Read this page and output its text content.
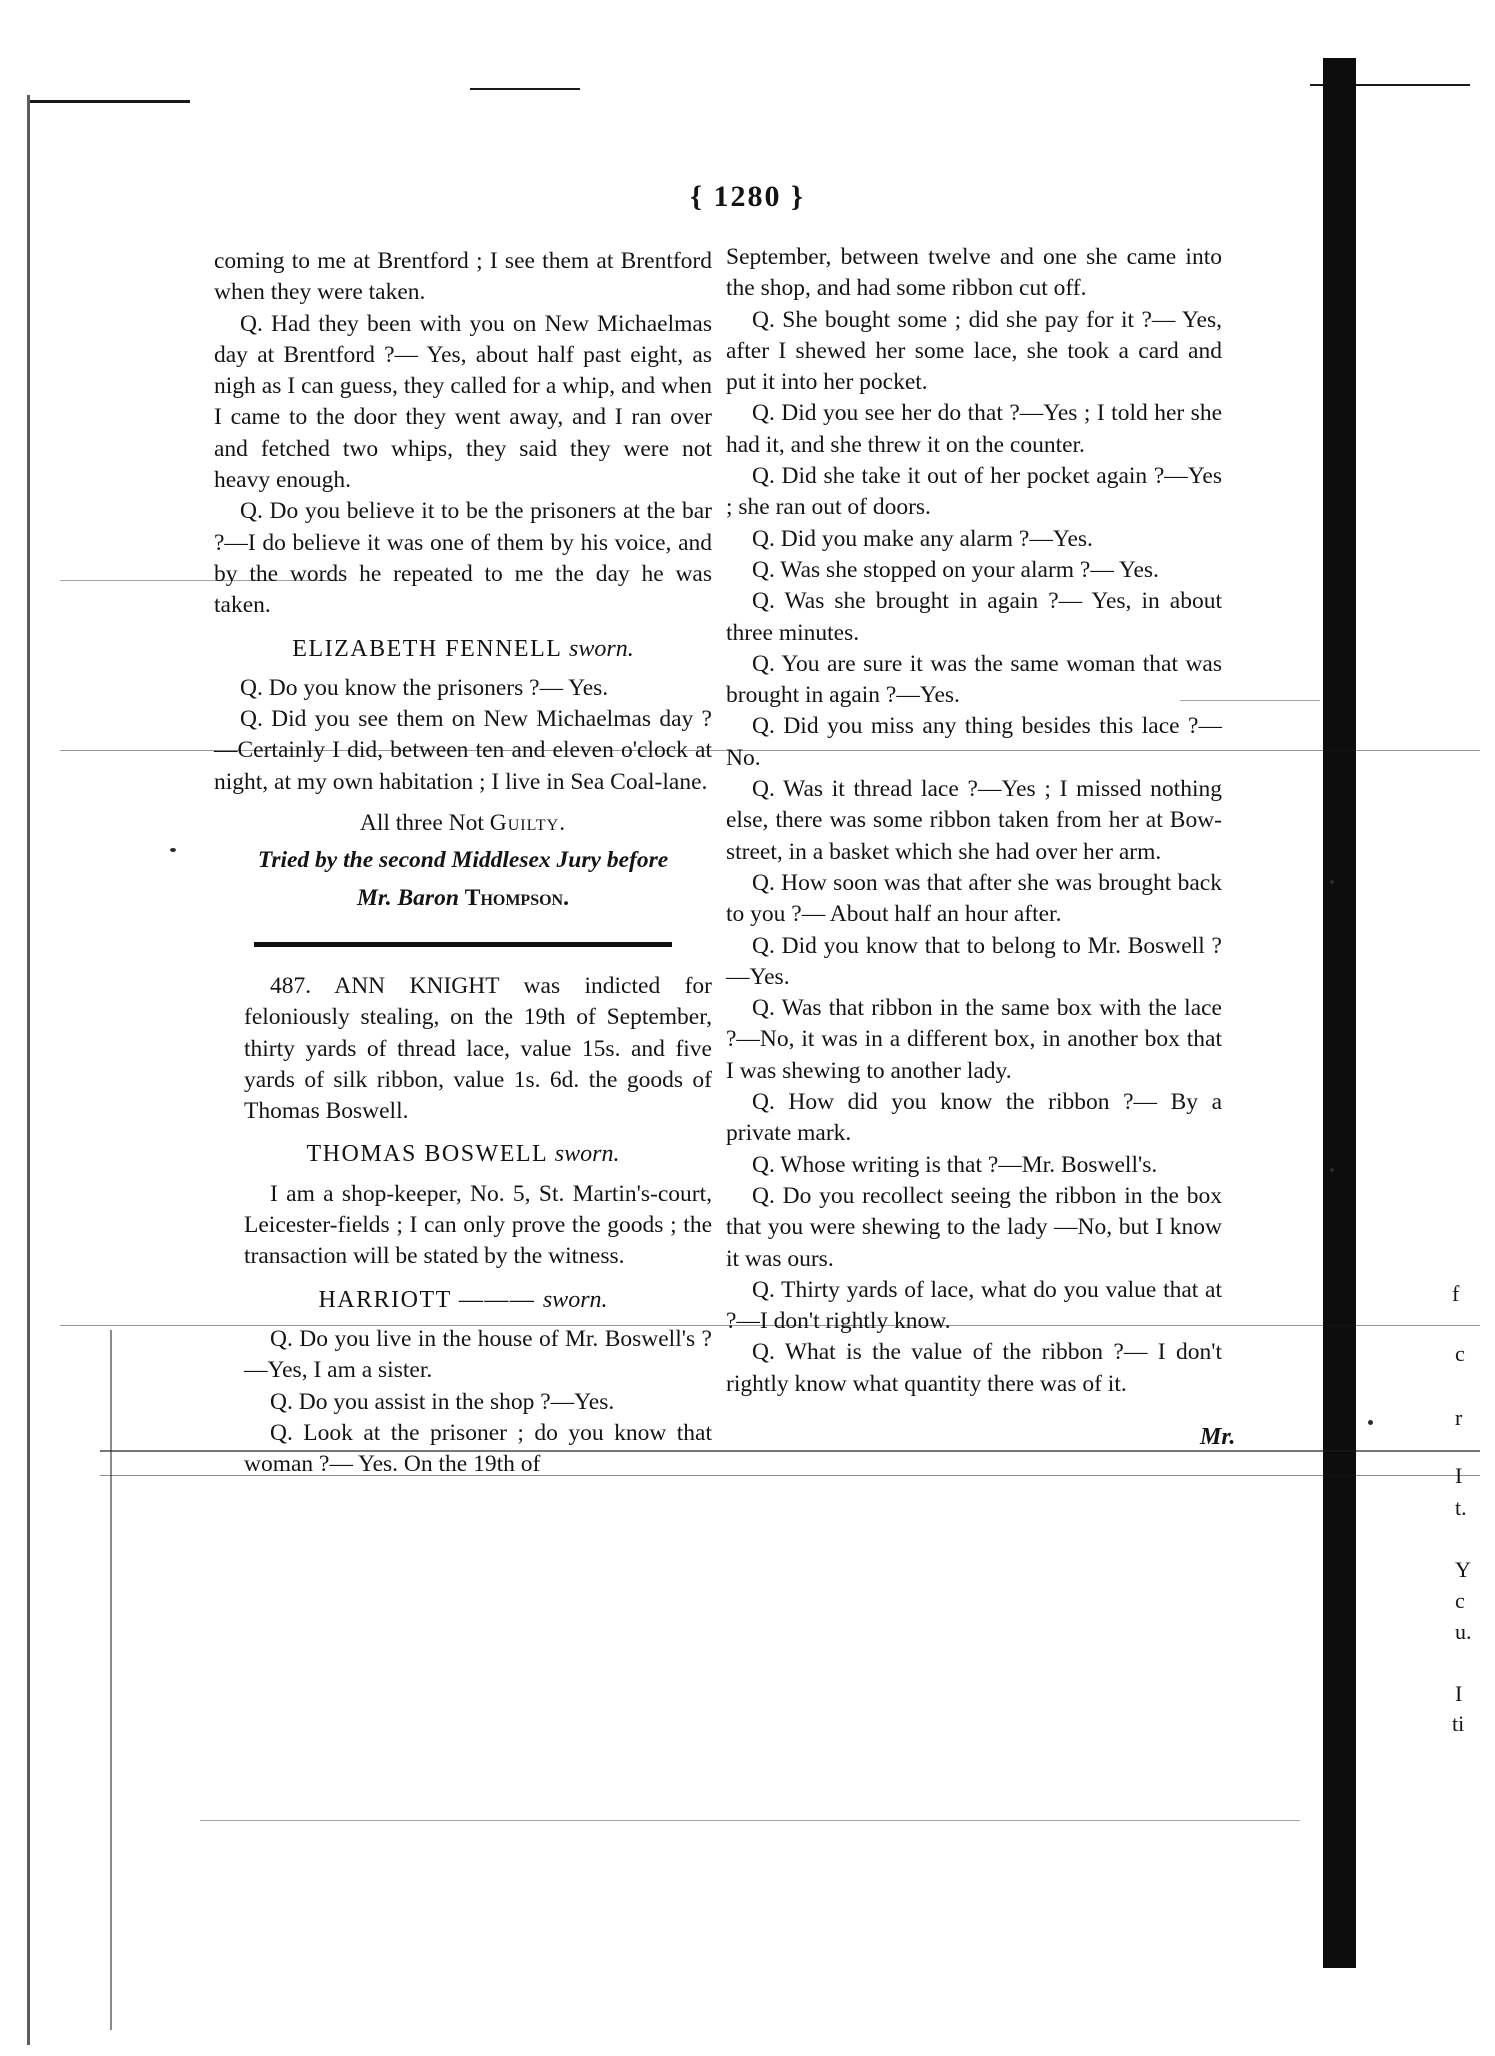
{ 1280 }

coming to me at Brentford ; I see them at Brentford when they were taken.

Q. Had they been with you on New Michaelmas day at Brentford ?— Yes, about half past eight, as nigh as I can guess, they called for a whip, and when I came to the door they went away, and I ran over and fetched two whips, they said they were not heavy enough.

Q. Do you believe it to be the prisoners at the bar ?—I do believe it was one of them by his voice, and by the words he repeated to me the day he was taken.

ELIZABETH FENNELL sworn.

Q. Do you know the prisoners ?— Yes.

Q. Did you see them on New Michaelmas day ?—Certainly I did, between ten and eleven o'clock at night, at my own habitation ; I live in Sea Coal-lane.

All three Not Guilty.

Tried by the second Middlesex Jury before

Mr. Baron Thompson.

487. ANN KNIGHT was indicted for feloniously stealing, on the 19th of September, thirty yards of thread lace, value 15s. and five yards of silk ribbon, value 1s. 6d. the goods of Thomas Boswell.

THOMAS BOSWELL sworn.

I am a shop-keeper, No. 5, St. Martin's-court, Leicester-fields ; I can only prove the goods ; the transaction will be stated by the witness.

HARRIOTT ——— sworn.

Q. Do you live in the house of Mr. Boswell's ?—Yes, I am a sister.

Q. Do you assist in the shop ?—Yes.

Q. Look at the prisoner ; do you know that woman ?— Yes. On the 19th of

September, between twelve and one she came into the shop, and had some ribbon cut off.

Q. She bought some ; did she pay for it ?— Yes, after I shewed her some lace, she took a card and put it into her pocket.

Q. Did you see her do that ?—Yes ; I told her she had it, and she threw it on the counter.

Q. Did she take it out of her pocket again ?—Yes ; she ran out of doors.

Q. Did you make any alarm ?—Yes.

Q. Was she stopped on your alarm ?— Yes.

Q. Was she brought in again ?— Yes, in about three minutes.

Q. You are sure it was the same woman that was brought in again ?—Yes.

Q. Did you miss any thing besides this lace ?—No.

Q. Was it thread lace ?—Yes ; I missed nothing else, there was some ribbon taken from her at Bow-street, in a basket which she had over her arm.

Q. How soon was that after she was brought back to you ?— About half an hour after.

Q. Did you know that to belong to Mr. Boswell ?—Yes.

Q. Was that ribbon in the same box with the lace ?—No, it was in a different box, in another box that I was shewing to another lady.

Q. How did you know the ribbon ?— By a private mark.

Q. Whose writing is that ?—Mr. Boswell's.

Q. Do you recollect seeing the ribbon in the box that you were shewing to the lady —No, but I know it was ours.

Q. Thirty yards of lace, what do you value that at ?—I don't rightly know.

Q. What is the value of the ribbon ?— I don't rightly know what quantity there was of it.

Mr.
f
c
r
I
t.
Y
c
u.
I
ti
